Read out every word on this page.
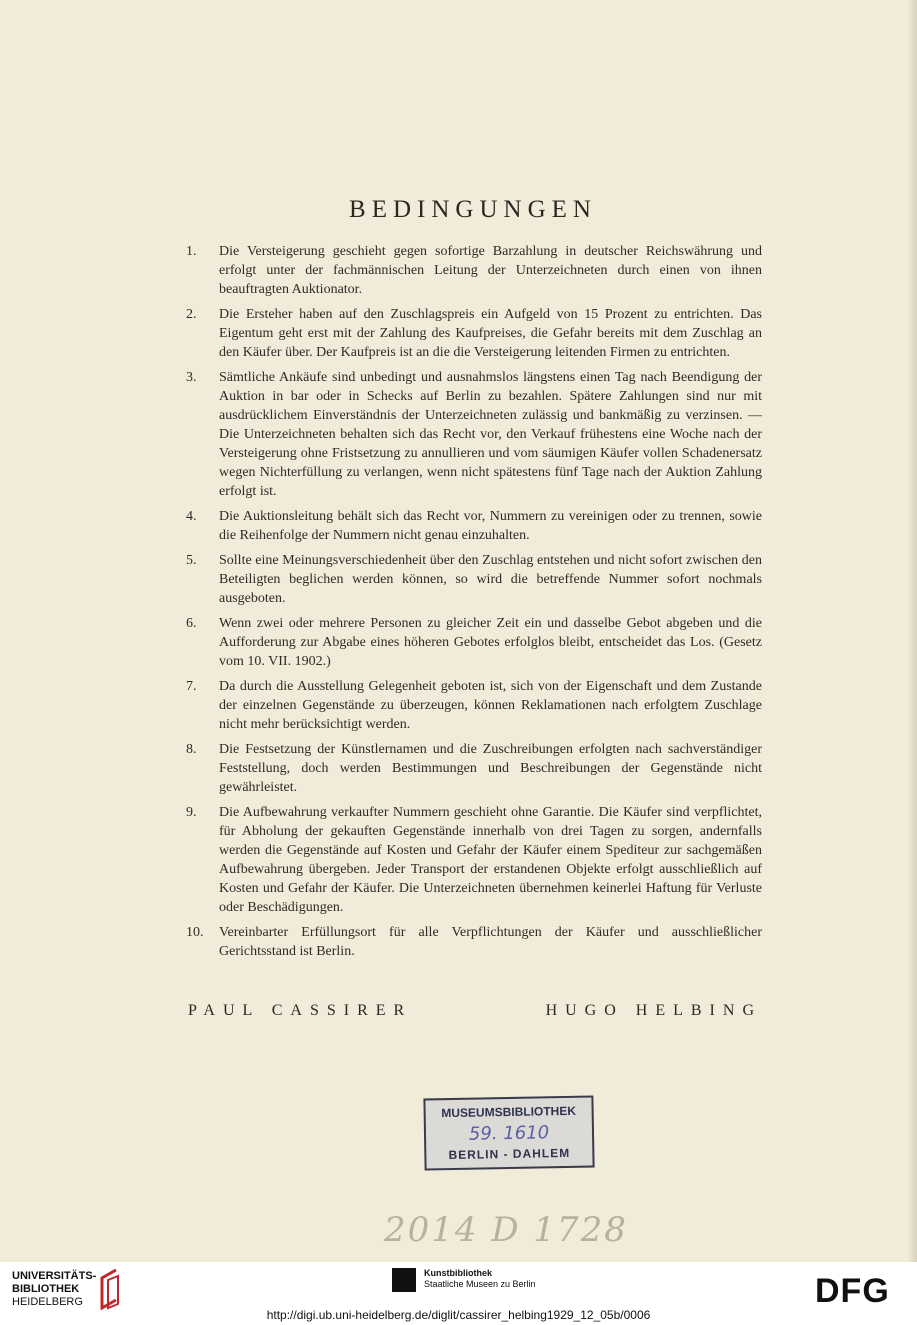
BEDINGUNGEN
1.	Die Versteigerung geschieht gegen sofortige Barzahlung in deutscher Reichswährung und erfolgt unter der fachmännischen Leitung der Unterzeichneten durch einen von ihnen beauftragten Auktionator.
2.	Die Ersteher haben auf den Zuschlagspreis ein Aufgeld von 15 Prozent zu entrichten. Das Eigentum geht erst mit der Zahlung des Kaufpreises, die Gefahr bereits mit dem Zuschlag an den Käufer über. Der Kaufpreis ist an die die Versteigerung leitenden Firmen zu entrichten.
3.	Sämtliche Ankäufe sind unbedingt und ausnahmslos längstens einen Tag nach Beendigung der Auktion in bar oder in Schecks auf Berlin zu bezahlen. Spätere Zahlungen sind nur mit ausdrücklichem Einverständnis der Unterzeichneten zulässig und bankmäßig zu verzinsen. — Die Unterzeichneten behalten sich das Recht vor, den Verkauf frühestens eine Woche nach der Versteigerung ohne Fristsetzung zu annullieren und vom säumigen Käufer vollen Schadenersatz wegen Nichterfüllung zu verlangen, wenn nicht spätestens fünf Tage nach der Auktion Zahlung erfolgt ist.
4.	Die Auktionsleitung behält sich das Recht vor, Nummern zu vereinigen oder zu trennen, sowie die Reihenfolge der Nummern nicht genau einzuhalten.
5.	Sollte eine Meinungsverschiedenheit über den Zuschlag entstehen und nicht sofort zwischen den Beteiligten beglichen werden können, so wird die betreffende Nummer sofort nochmals ausgeboten.
6.	Wenn zwei oder mehrere Personen zu gleicher Zeit ein und dasselbe Gebot abgeben und die Aufforderung zur Abgabe eines höheren Gebotes erfolglos bleibt, entscheidet das Los. (Gesetz vom 10. VII. 1902.)
7.	Da durch die Ausstellung Gelegenheit geboten ist, sich von der Eigenschaft und dem Zustande der einzelnen Gegenstände zu überzeugen, können Reklamationen nach erfolgtem Zuschlage nicht mehr berücksichtigt werden.
8.	Die Festsetzung der Künstlernamen und die Zuschreibungen erfolgten nach sachverständiger Feststellung, doch werden Bestimmungen und Beschreibungen der Gegenstände nicht gewährleistet.
9.	Die Aufbewahrung verkaufter Nummern geschieht ohne Garantie. Die Käufer sind verpflichtet, für Abholung der gekauften Gegenstände innerhalb von drei Tagen zu sorgen, andernfalls werden die Gegenstände auf Kosten und Gefahr der Käufer einem Spediteur zur sachgemäßen Aufbewahrung übergeben. Jeder Transport der erstandenen Objekte erfolgt ausschließlich auf Kosten und Gefahr der Käufer. Die Unterzeichneten übernehmen keinerlei Haftung für Verluste oder Beschädigungen.
10.	Vereinbarter Erfüllungsort für alle Verpflichtungen der Käufer und ausschließlicher Gerichtsstand ist Berlin.
PAUL CASSIRER	HUGO HELBING
MUSEUMSBIBLIOTHEK
59. 1610
BERLIN - DAHLEM
2014 D 1728
UNIVERSITÄTS-
BIBLIOTHEK
HEIDELBERG
Kunstbibliothek
Staatliche Museen zu Berlin	DFG
http://digi.ub.uni-heidelberg.de/diglit/cassirer_helbing1929_12_05b/0006
